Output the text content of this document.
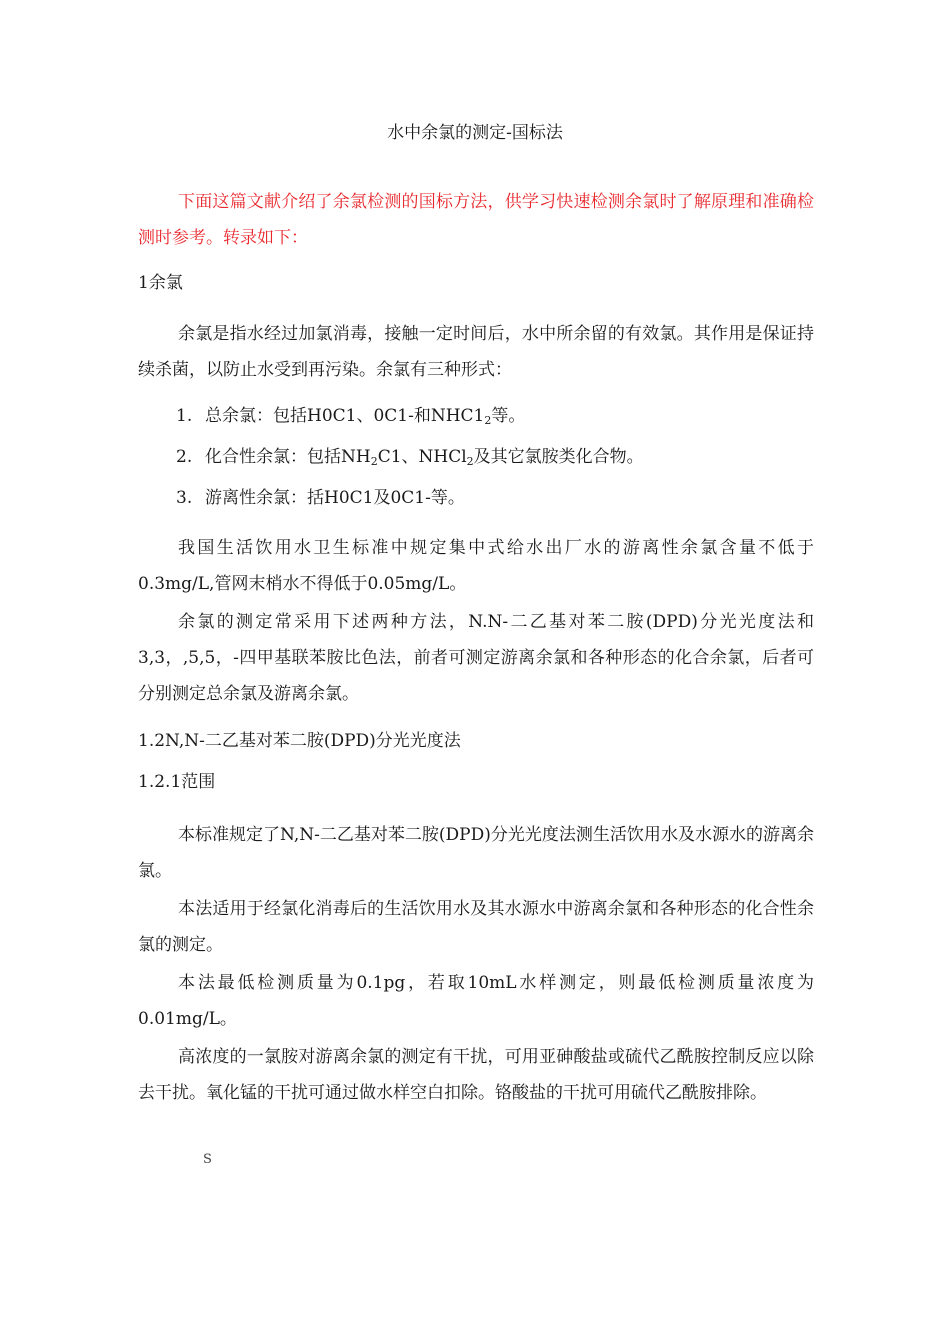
水中余氯的测定-国标法

下面这篇文献介绍了余氯检测的国标方法，供学习快速检测余氯时了解原理和准确检测时参考。转录如下：

1余氯

余氯是指水经过加氯消毒，接触一定时间后，水中所余留的有效氯。其作用是保证持续杀菌，以防止水受到再污染。余氯有三种形式：

1. 总余氯：包括H0C1、0C1-和$NHC1_2$等。
2. 化合性余氯：包括$NH_2C1$、NHCl$_2$及其它氯胺类化合物。
3. 游离性余氯：括H0C1及0C1-等。

我国生活饮用水卫生标准中规定集中式给水出厂水的游离性余氯含量不低于0.3mg/L,管网末梢水不得低于0.05mg/L。

余氯的测定常采用下述两种方法，N.N-二乙基对苯二胺(DPD)分光光度法和3,3，,5,5，-四甲基联苯胺比色法，前者可测定游离余氯和各种形态的化合余氯，后者可分别测定总余氯及游离余氯。

1.2N,N-二乙基对苯二胺(DPD)分光光度法

1.2.1范围

本标准规定了N,N-二乙基对苯二胺(DPD)分光光度法测生活饮用水及水源水的游离余氯。

本法适用于经氯化消毒后的生活饮用水及其水源水中游离余氯和各种形态的化合性余氯的测定。

本法最低检测质量为0.1pg，若取10mL水样测定，则最低检测质量浓度为0.01mg/L。

高浓度的一氯胺对游离余氯的测定有干扰，可用亚砷酸盐或硫代乙酰胺控制反应以除去干扰。氧化锰的干扰可通过做水样空白扣除。铬酸盐的干扰可用硫代乙酰胺排除。

S
